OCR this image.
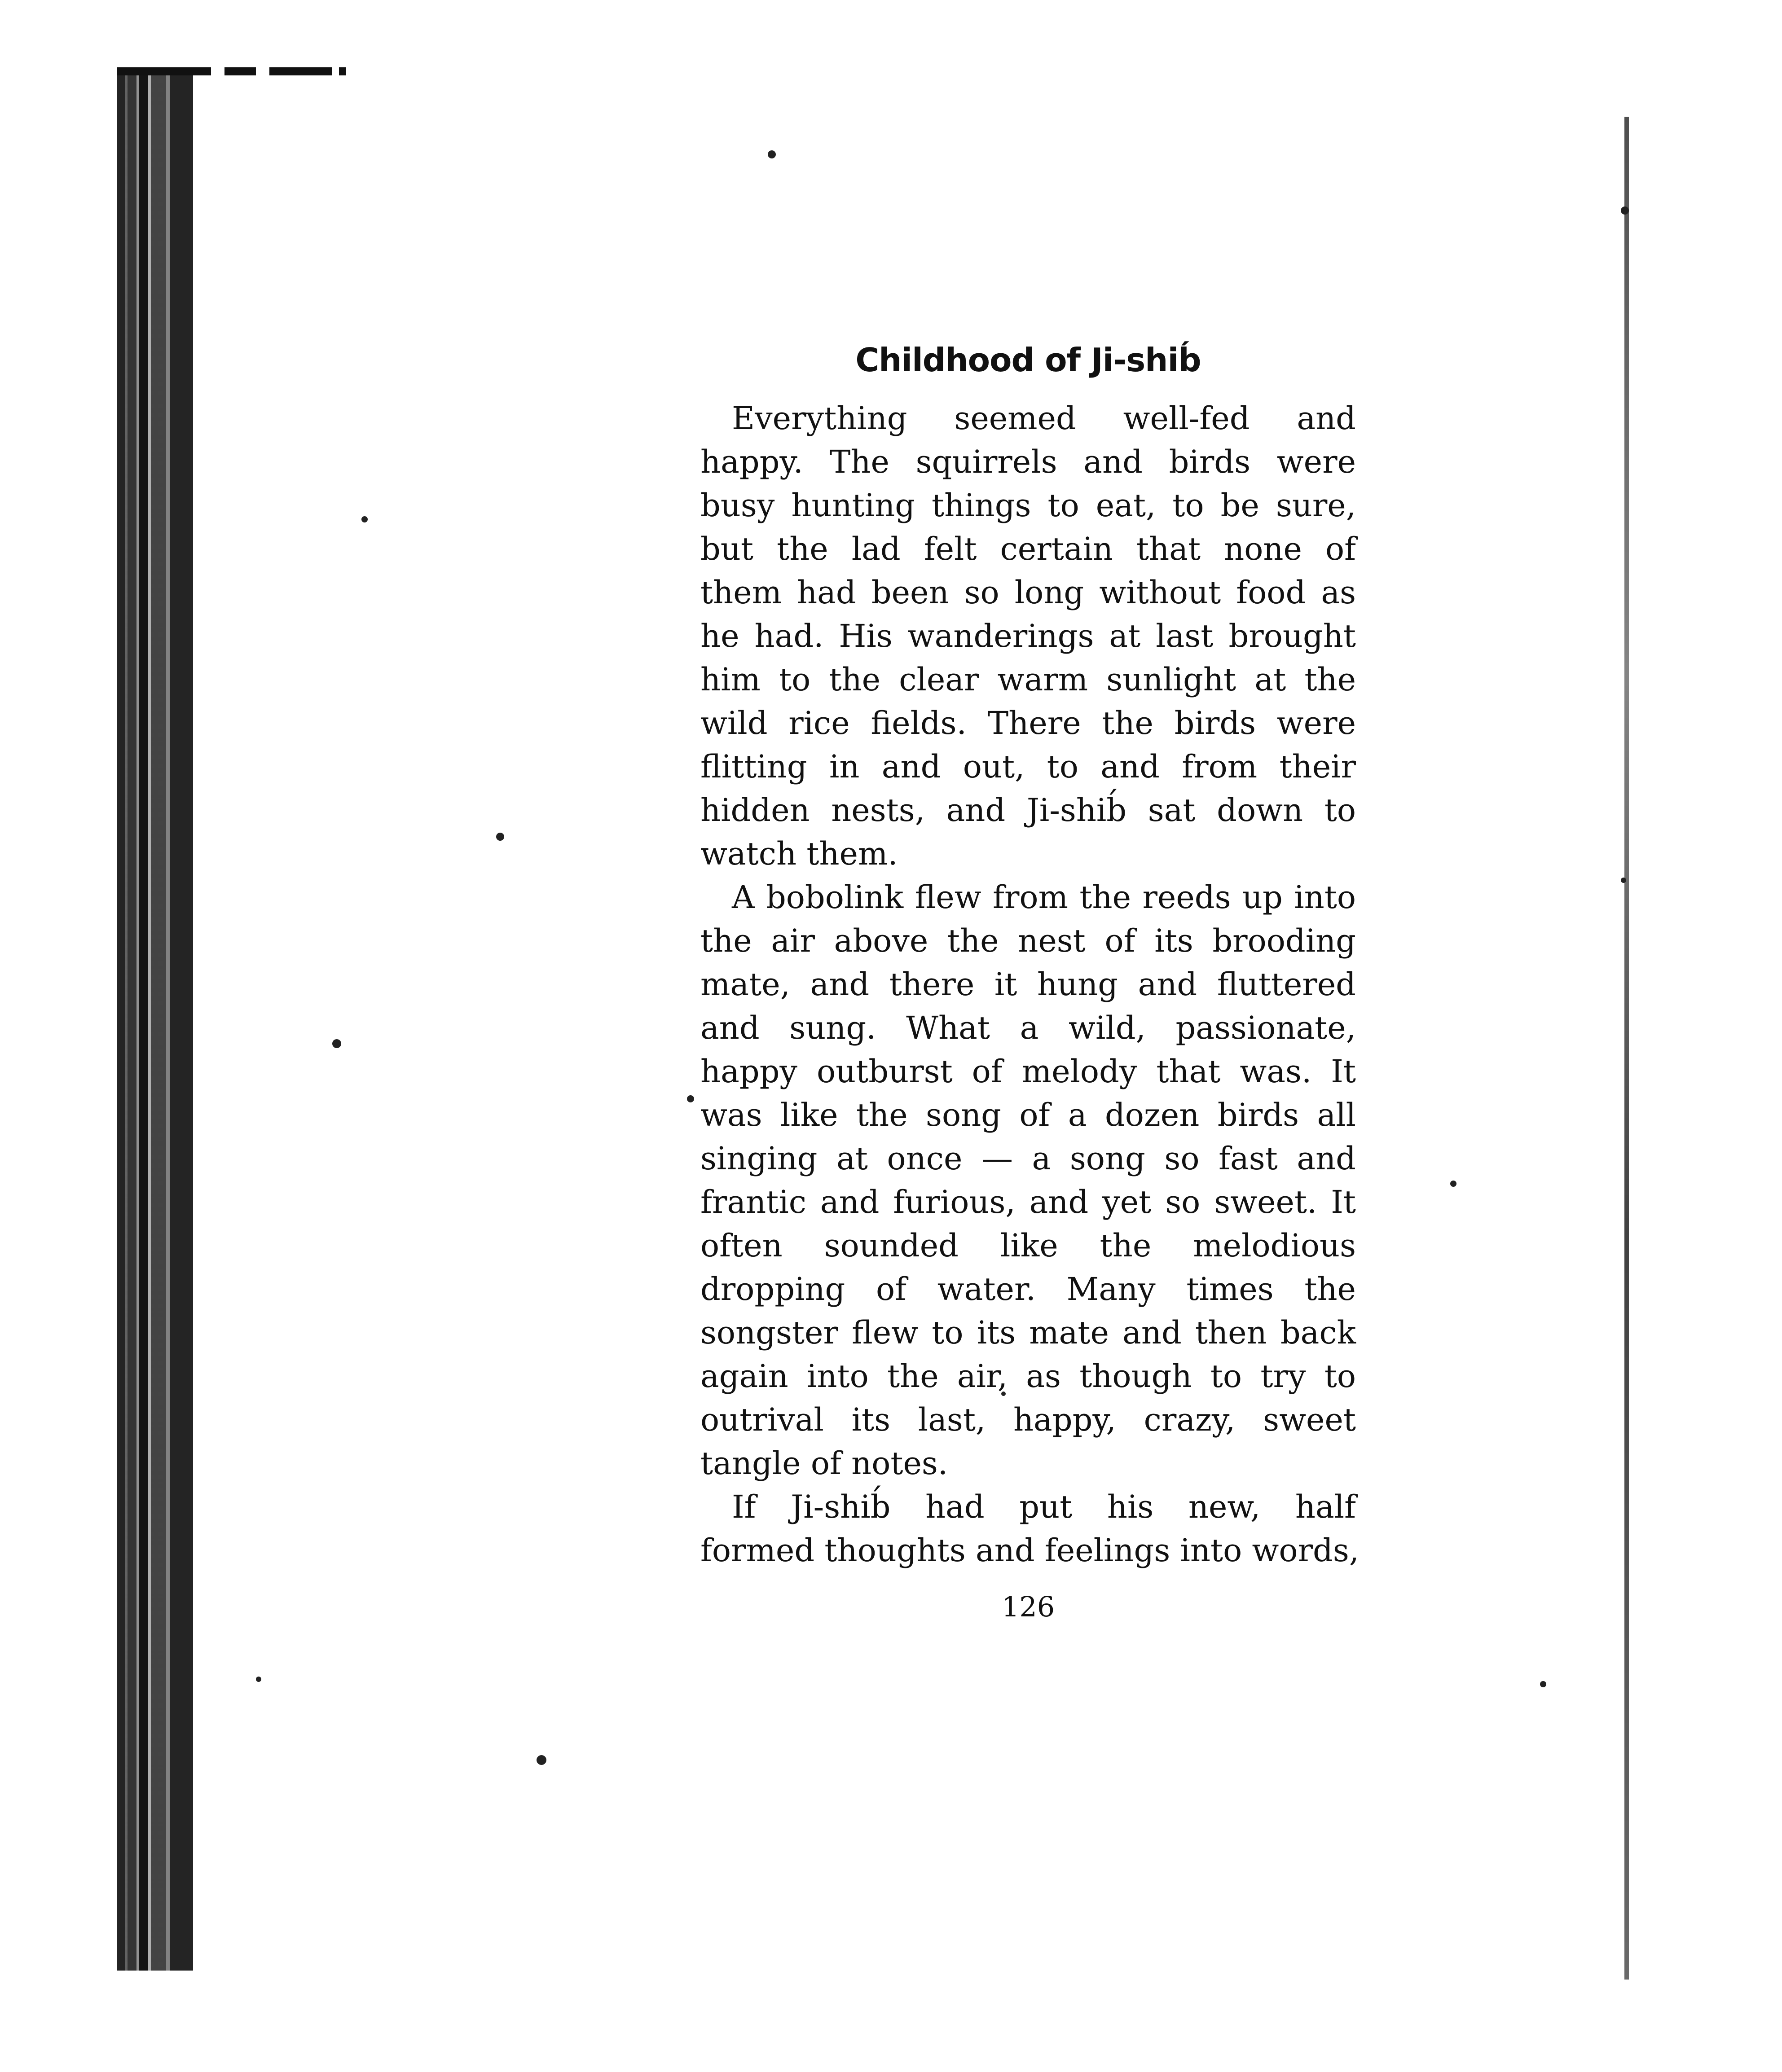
Childhood of Ji-shib́

Everything seemed well-fed and
happy. The squirrels and birds were
busy hunting things to eat, to be sure,
but the lad felt certain that none of
them had been so long without food as
he had. His wanderings at last brought
him to the clear warm sunlight at the
wild rice fields. There the birds were
flitting in and out, to and from their
hidden nests, and Ji-shib́ sat down to
watch them.

A bobolink flew from the reeds up into
the air above the nest of its brooding
mate, and there it hung and fluttered
and sung. What a wild, passionate,
happy outburst of melody that was. It
was like the song of a dozen birds all
singing at once — a song so fast and
frantic and furious, and yet so sweet. It
often sounded like the melodious
dropping of water. Many times the
songster flew to its mate and then back
again into the air, as though to try to
outrival its last, happy, crazy, sweet
tangle of notes.

If Ji-shib́ had put his new, half
formed thoughts and feelings into words,

126
